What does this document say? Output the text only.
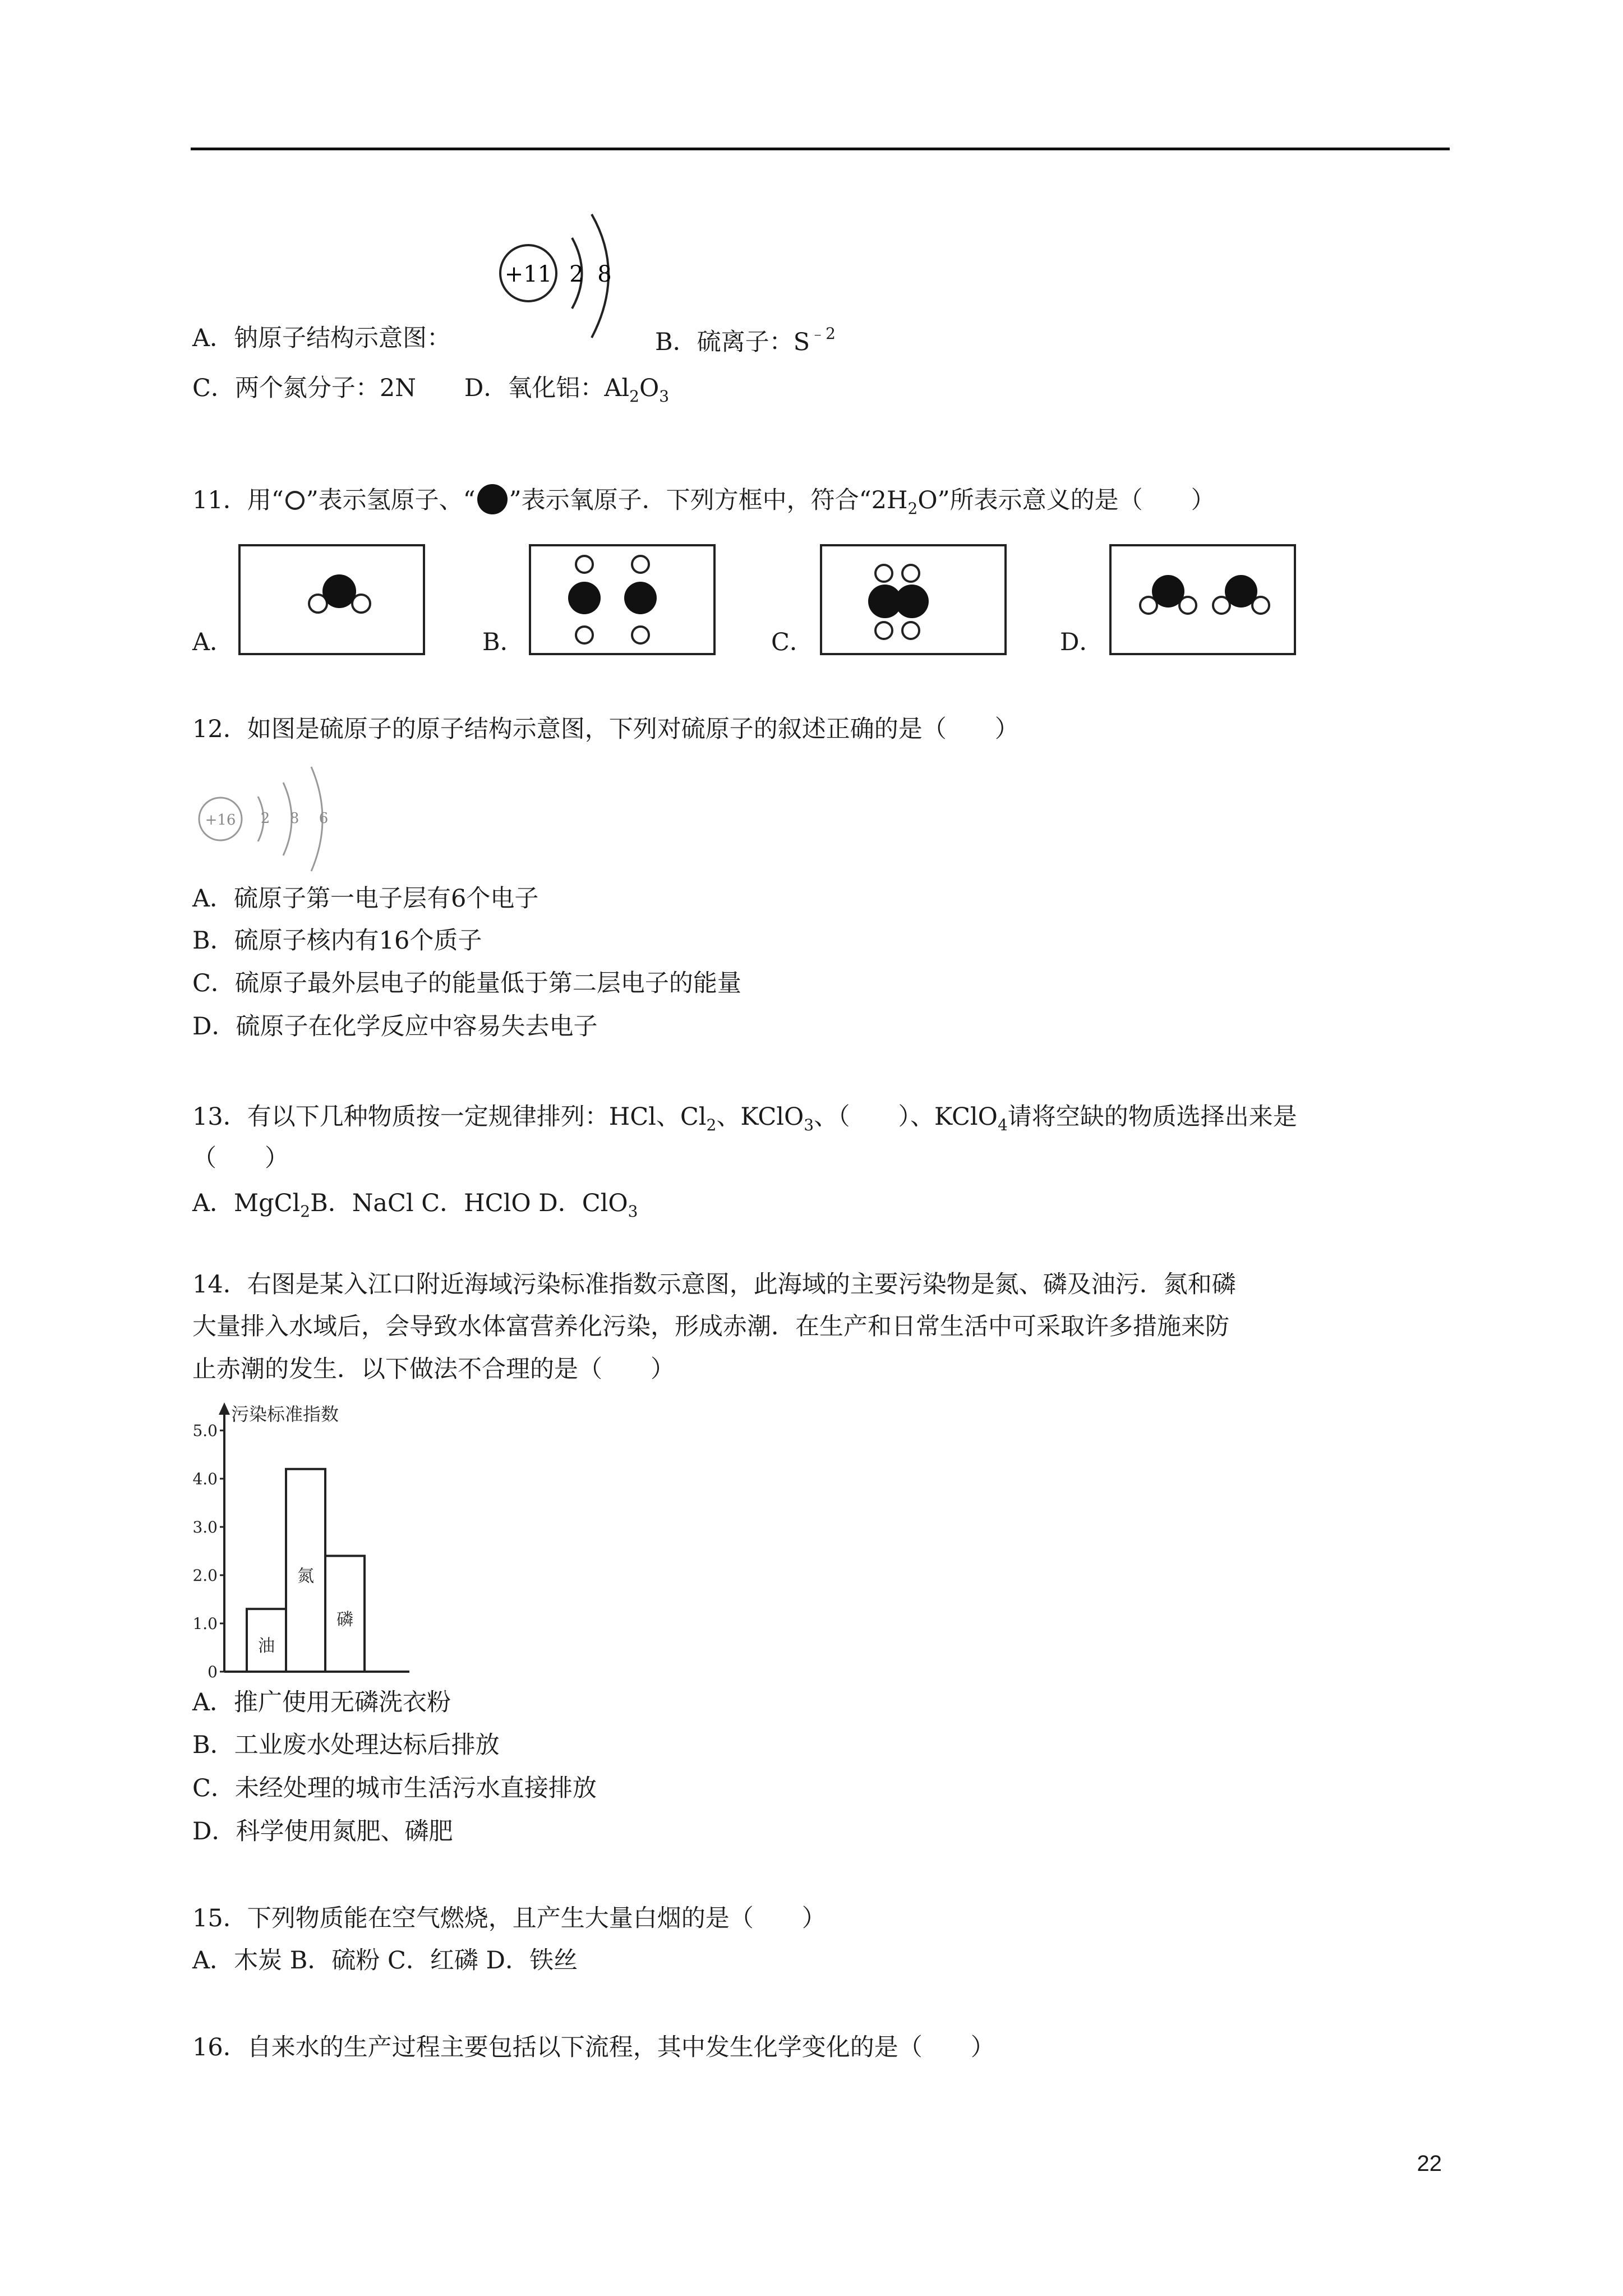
+11 2 8
A．钠原子结构示意图：	B．硫离子：$S^{﹣2}$
C．两个氮分子：2N　　 D．氧化铝：$Al_2O_3$
11．用“ ”表示氢原子、“ ”表示氧原子．下列方框中，符合“$2H_2O$”所表示意义的是（　　）
A．	B．	C．	D．
12．如图是硫原子的原子结构示意图，下列对硫原子的叙述正确的是（　　）
+16 2 8 6
A．硫原子第一电子层有6个电子
B．硫原子核内有16个质子
C．硫原子最外层电子的能量低于第二层电子的能量
D．硫原子在化学反应中容易失去电子
13．有以下几种物质按一定规律排列：HCl、$Cl_2$、KClO$_3$、（　　）、KClO$_4$请将空缺的物质选择出来是
（　　）
A．MgCl$_2$B．NaCl C．HClO D．ClO$_3$
14．右图是某入江口附近海域污染标准指数示意图，此海域的主要污染物是氮、磷及油污．氮和磷
大量排入水域后，会导致水体富营养化污染，形成赤潮．在生产和日常生活中可采取许多措施来防
止赤潮的发生．以下做法不合理的是（　　）
污染标准指数
0
1.0
2.0
3.0
4.0
5.0
油
氮
磷
A．推广使用无磷洗衣粉
B．工业废水处理达标后排放
C．未经处理的城市生活污水直接排放
D．科学使用氮肥、磷肥
15．下列物质能在空气燃烧，且产生大量白烟的是（　　）
A．木炭 B．硫粉 C．红磷 D．铁丝
16．自来水的生产过程主要包括以下流程，其中发生化学变化的是（　　）
22
